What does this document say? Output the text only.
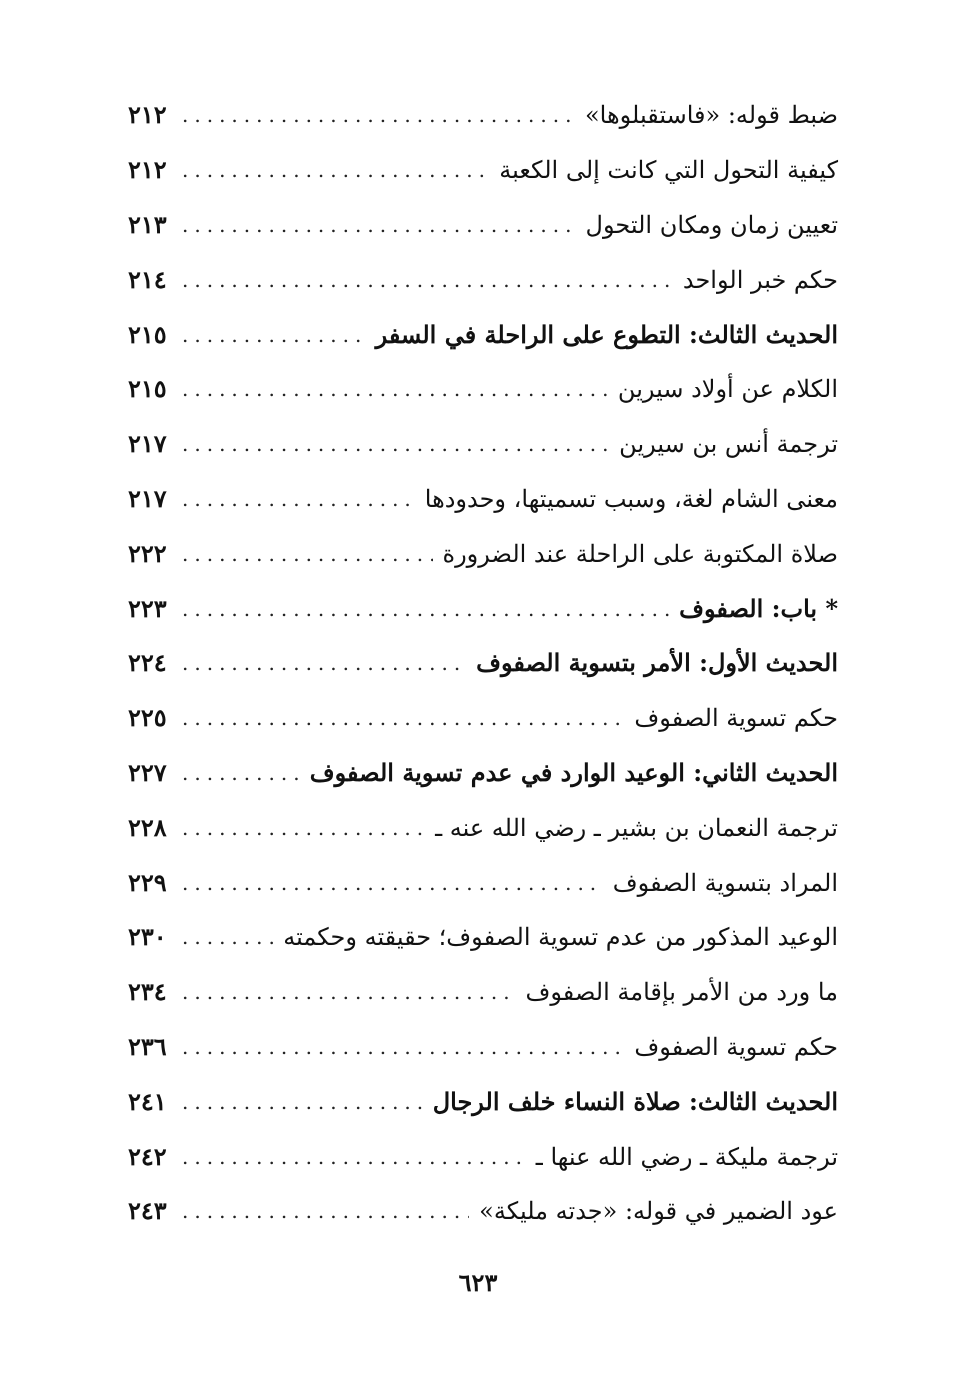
ضبط قوله: «فاستقبلوها»
.....
٢١٢
كيفية التحول التي كانت إلى الكعبة
.....
٢١٢
تعيين زمان ومكان التحول
.....
٢١٣
حكم خبر الواحد
.....
٢١٤
الحديث الثالث: التطوع على الراحلة في السفر
.....
٢١٥
الكلام عن أولاد سيرين
.....
٢١٥
ترجمة أنس بن سيرين
.....
٢١٧
معنى الشام لغة، وسبب تسميتها، وحدودها
.....
٢١٧
صلاة المكتوبة على الراحلة عند الضرورة
.....
٢٢٢
* باب: الصفوف
.....
٢٢٣
الحديث الأول: الأمر بتسوية الصفوف
.....
٢٢٤
حكم تسوية الصفوف
.....
٢٢٥
الحديث الثاني: الوعيد الوارد في عدم تسوية الصفوف
.....
٢٢٧
ترجمة النعمان بن بشير ـ رضي الله عنه ـ
.....
٢٢٨
المراد بتسوية الصفوف
.....
٢٢٩
الوعيد المذكور من عدم تسوية الصفوف؛ حقيقته وحكمته
.....
٢٣٠
ما ورد من الأمر بإقامة الصفوف
.....
٢٣٤
حكم تسوية الصفوف
.....
٢٣٦
الحديث الثالث: صلاة النساء خلف الرجال
.....
٢٤١
ترجمة مليكة ـ رضي الله عنها ـ
.....
٢٤٢
عود الضمير في قوله: «جدته مليكة»
.....
٢٤٣
٦٢٣
